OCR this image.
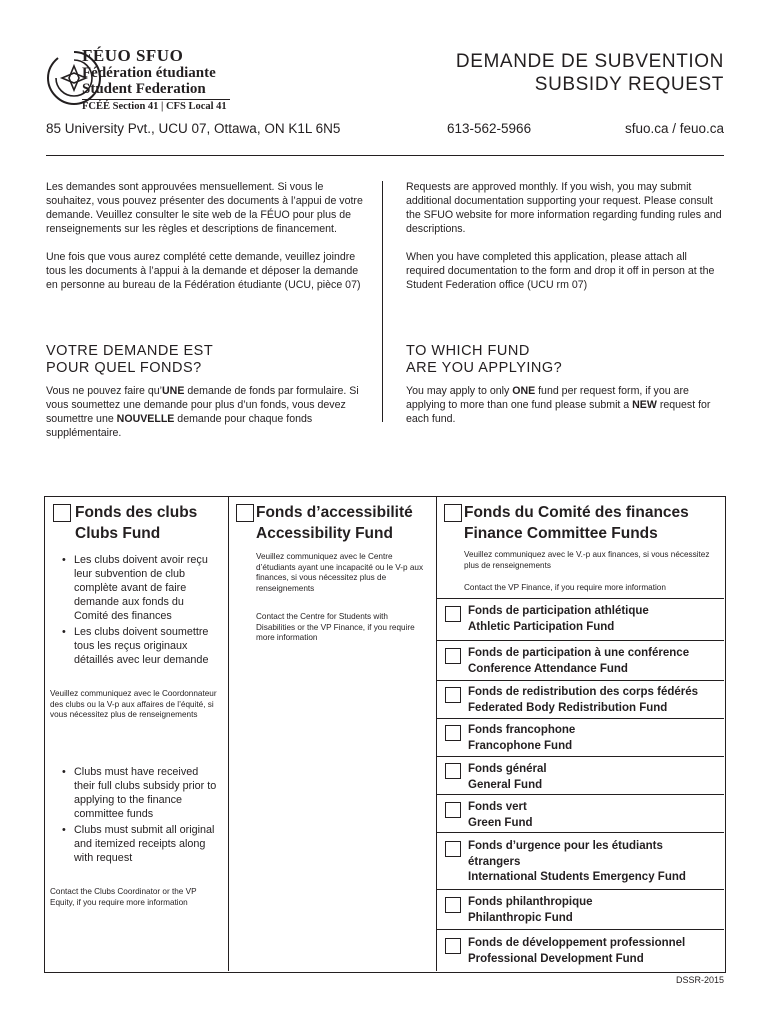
FÉUO SFUO
Fédération étudiante
Student Federation
FCÉÉ Section 41 | CFS Local 41
DEMANDE DE SUBVENTION
SUBSIDY REQUEST
85 University Pvt., UCU 07, Ottawa, ON K1L 6N5	613-562-5966	sfuo.ca / feuo.ca

Les demandes sont approuvées mensuellement. Si vous le souhaitez, vous pouvez présenter des documents à l’appui de votre demande. Veuillez consulter le site web de la FÉUO pour plus de renseignements sur les règles et descriptions de financement.

Une fois que vous aurez complété cette demande, veuillez joindre tous les documents à l’appui à la demande et déposer la demande en personne au bureau de la Fédération étudiante (UCU, pièce 07)

Requests are approved monthly. If you wish, you may submit additional documentation supporting your request. Please consult the SFUO website for more information regarding funding rules and descriptions.

When you have completed this application, please attach all required documentation to the form and drop it off in person at the Student Federation office (UCU rm 07)

VOTRE DEMANDE EST
POUR QUEL FONDS?
TO WHICH FUND
ARE YOU APPLYING?
Vous ne pouvez faire qu’UNE demande de fonds par formulaire. Si vous soumettez une demande pour plus d’un fonds, vous devez soumettre une NOUVELLE demande pour chaque fonds supplémentaire.
You may apply to only ONE fund per request form, if you are applying to more than one fund please submit a NEW request for each fund.
Fonds des clubs
Clubs Fund
• Les clubs doivent avoir reçu leur subvention de club complète avant de faire demande aux fonds du Comité des finances
• Les clubs doivent soumettre tous les reçus originaux détaillés avec leur demande
Veuillez communiquez avec le Coordonnateur des clubs ou la V-p aux affaires de l’équité, si vous nécessitez plus de renseignements
• Clubs must have received their full clubs subsidy prior to applying to the finance committee funds
• Clubs must submit all original and itemized receipts along with request
Contact the Clubs Coordinator or the VP Equity, if you require more information
Fonds d’accessibilité
Accessibility Fund
Veuillez communiquez avec le Centre d’étudiants ayant une incapacité ou le V-p aux finances, si vous nécessitez plus de renseignements
Contact the Centre for Students with Disabilities or the VP Finance, if you require more information
Fonds du Comité des finances
Finance Committee Funds
Veuillez communiquez avec le V.-p aux finances, si vous nécessitez plus de renseignements
Contact the VP Finance, if you require more information
Fonds de participation athlétique
Athletic Participation Fund
Fonds de participation à une conférence
Conference Attendance Fund
Fonds de redistribution des corps fédérés
Federated Body Redistribution Fund
Fonds francophone
Francophone Fund
Fonds général
General Fund
Fonds vert
Green Fund
Fonds d’urgence pour les étudiants étrangers
International Students Emergency Fund
Fonds philanthropique
Philanthropic Fund
Fonds de développement professionnel
Professional Development Fund
DSSR-2015
